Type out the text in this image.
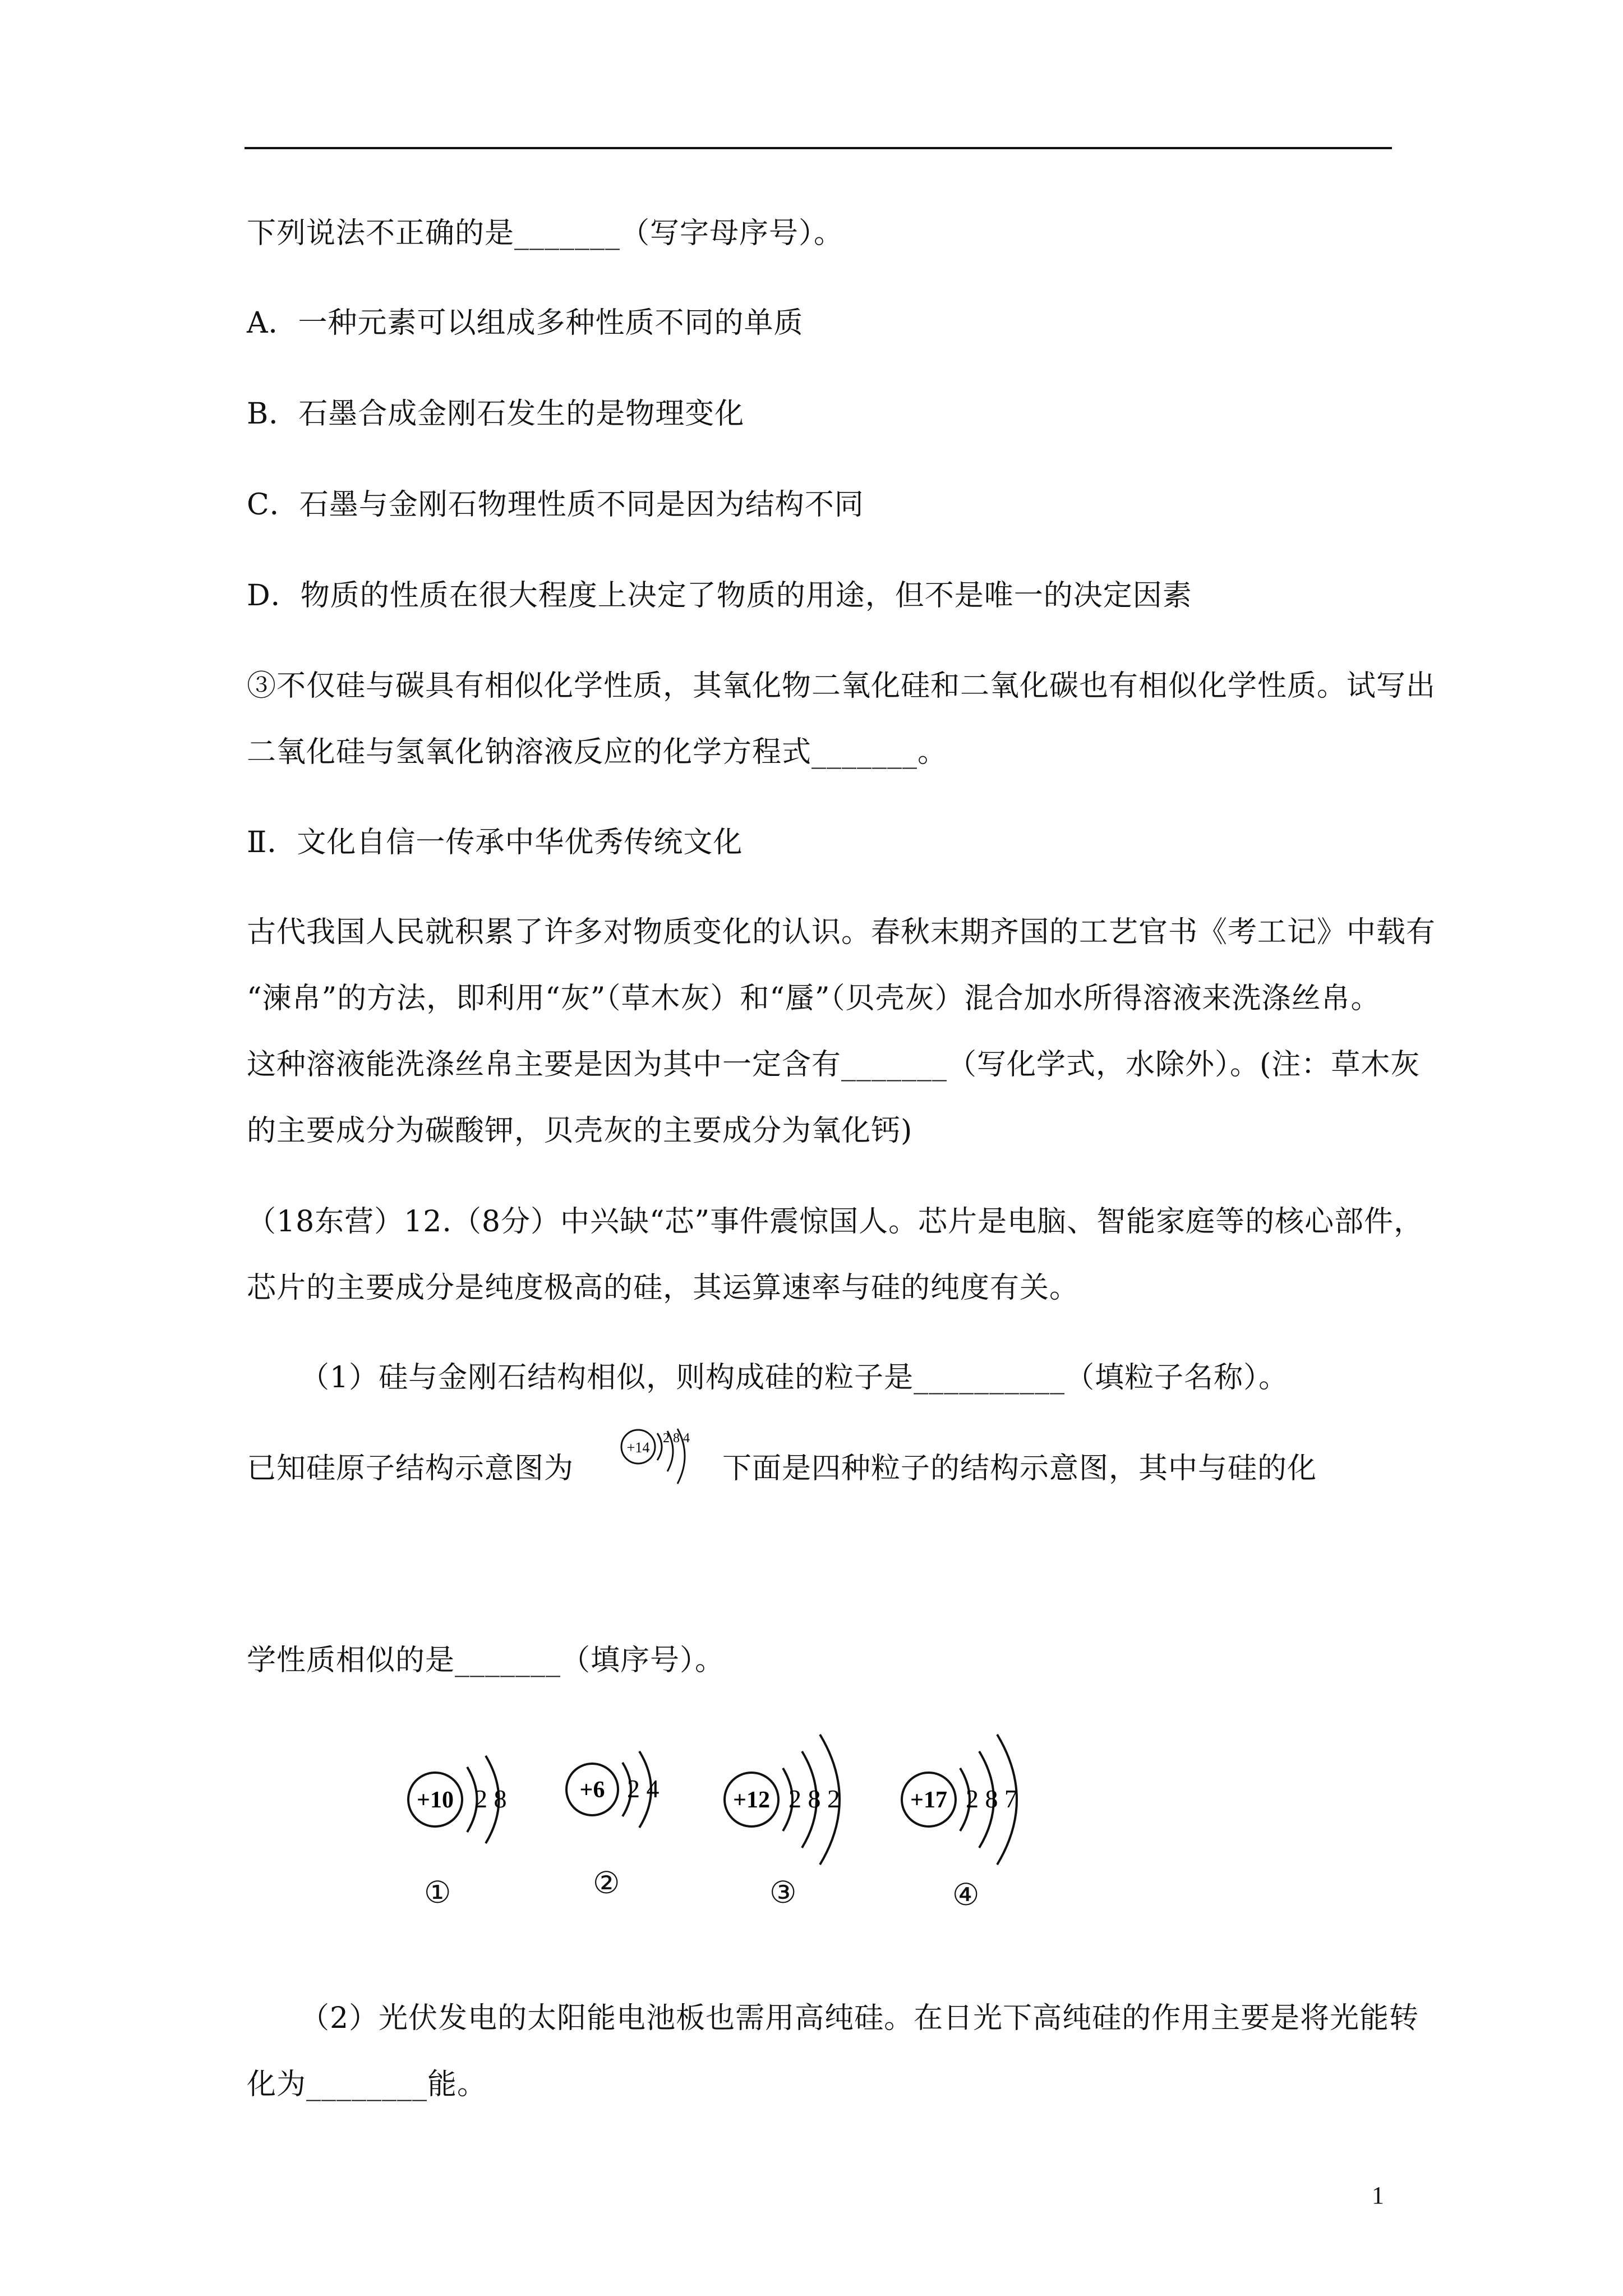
下列说法不正确的是_______（写字母序号）。
A．一种元素可以组成多种性质不同的单质
B．石墨合成金刚石发生的是物理变化
C．石墨与金刚石物理性质不同是因为结构不同
D．物质的性质在很大程度上决定了物质的用途，但不是唯一的决定因素
③不仅硅与碳具有相似化学性质，其氧化物二氧化硅和二氧化碳也有相似化学性质。试写出
二氧化硅与氢氧化钠溶液反应的化学方程式_______。
Ⅱ．文化自信一传承中华优秀传统文化
古代我国人民就积累了许多对物质变化的认识。春秋末期齐国的工艺官书《考工记》中载有
“湅帛”的方法，即利用“灰”（草木灰）和“蜃”（贝壳灰）混合加水所得溶液来洗涤丝帛。
这种溶液能洗涤丝帛主要是因为其中一定含有_______（写化学式，水除外）。(注：草木灰
的主要成分为碳酸钾，贝壳灰的主要成分为氧化钙)
（18东营）12.（8分）中兴缺“芯”事件震惊国人。芯片是电脑、智能家庭等的核心部件，
芯片的主要成分是纯度极高的硅，其运算速率与硅的纯度有关。
（1）硅与金刚石结构相似，则构成硅的粒子是__________（填粒子名称）。
已知硅原子结构示意图为
+14
2 8 4
下面是四种粒子的结构示意图，其中与硅的化
学性质相似的是_______（填序号）。
+10 2 8
①
+6 2 4
②
+12 2 8 2
③
+17 2 8 7
④
（2）光伏发电的太阳能电池板也需用高纯硅。在日光下高纯硅的作用主要是将光能转
化为________能。
1
